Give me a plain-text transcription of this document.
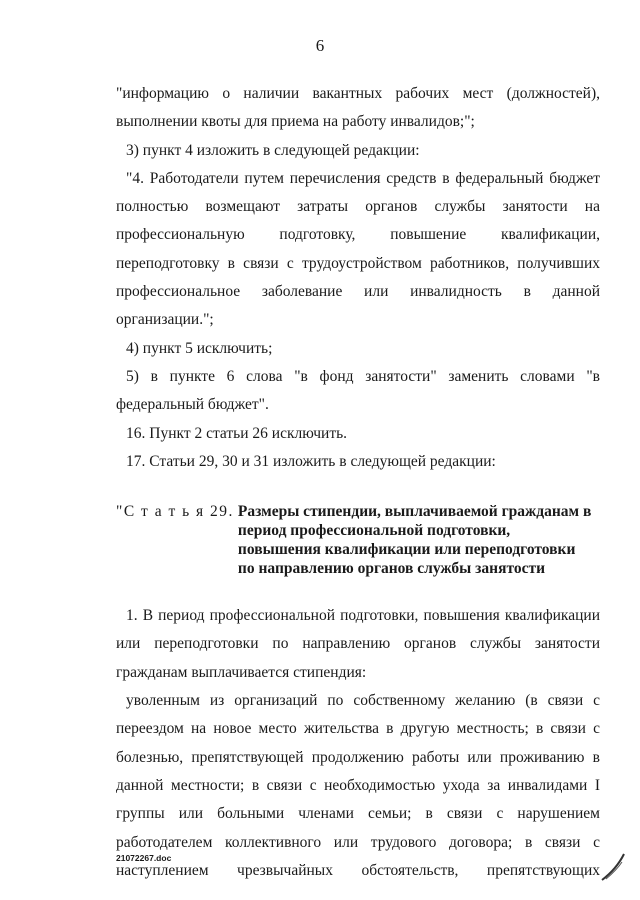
6

"информацию о наличии вакантных рабочих мест (должностей), выполнении квоты для приема на работу инвалидов;";

3) пункт 4 изложить в следующей редакции:

"4. Работодатели путем перечисления средств в федеральный бюджет полностью возмещают затраты органов службы занятости на профессиональную подготовку, повышение квалификации, переподготовку в связи с трудоустройством работников, получивших профессиональное заболевание или инвалидность в данной организации.";

4) пункт 5 исключить;

5) в пункте 6 слова "в фонд занятости" заменить словами "в федеральный бюджет".

16. Пункт 2 статьи 26 исключить.

17. Статьи 29, 30 и 31 изложить в следующей редакции:

"С т а т ь я 29. Размеры стипендии, выплачиваемой гражданам в
период профессиональной подготовки,
повышения квалификации или переподготовки
по направлению органов службы занятости

1. В период профессиональной подготовки, повышения квалификации или переподготовки по направлению органов службы занятости гражданам выплачивается стипендия:

уволенным из организаций по собственному желанию (в связи с переездом на новое место жительства в другую местность; в связи с болезнью, препятствующей продолжению работы или проживанию в данной местности; в связи с необходимостью ухода за инвалидами I группы или больными членами семьи; в связи с нарушением работодателем коллективного или трудового договора; в связи с наступлением чрезвычайных обстоятельств, препятствующих

21072267.doc
